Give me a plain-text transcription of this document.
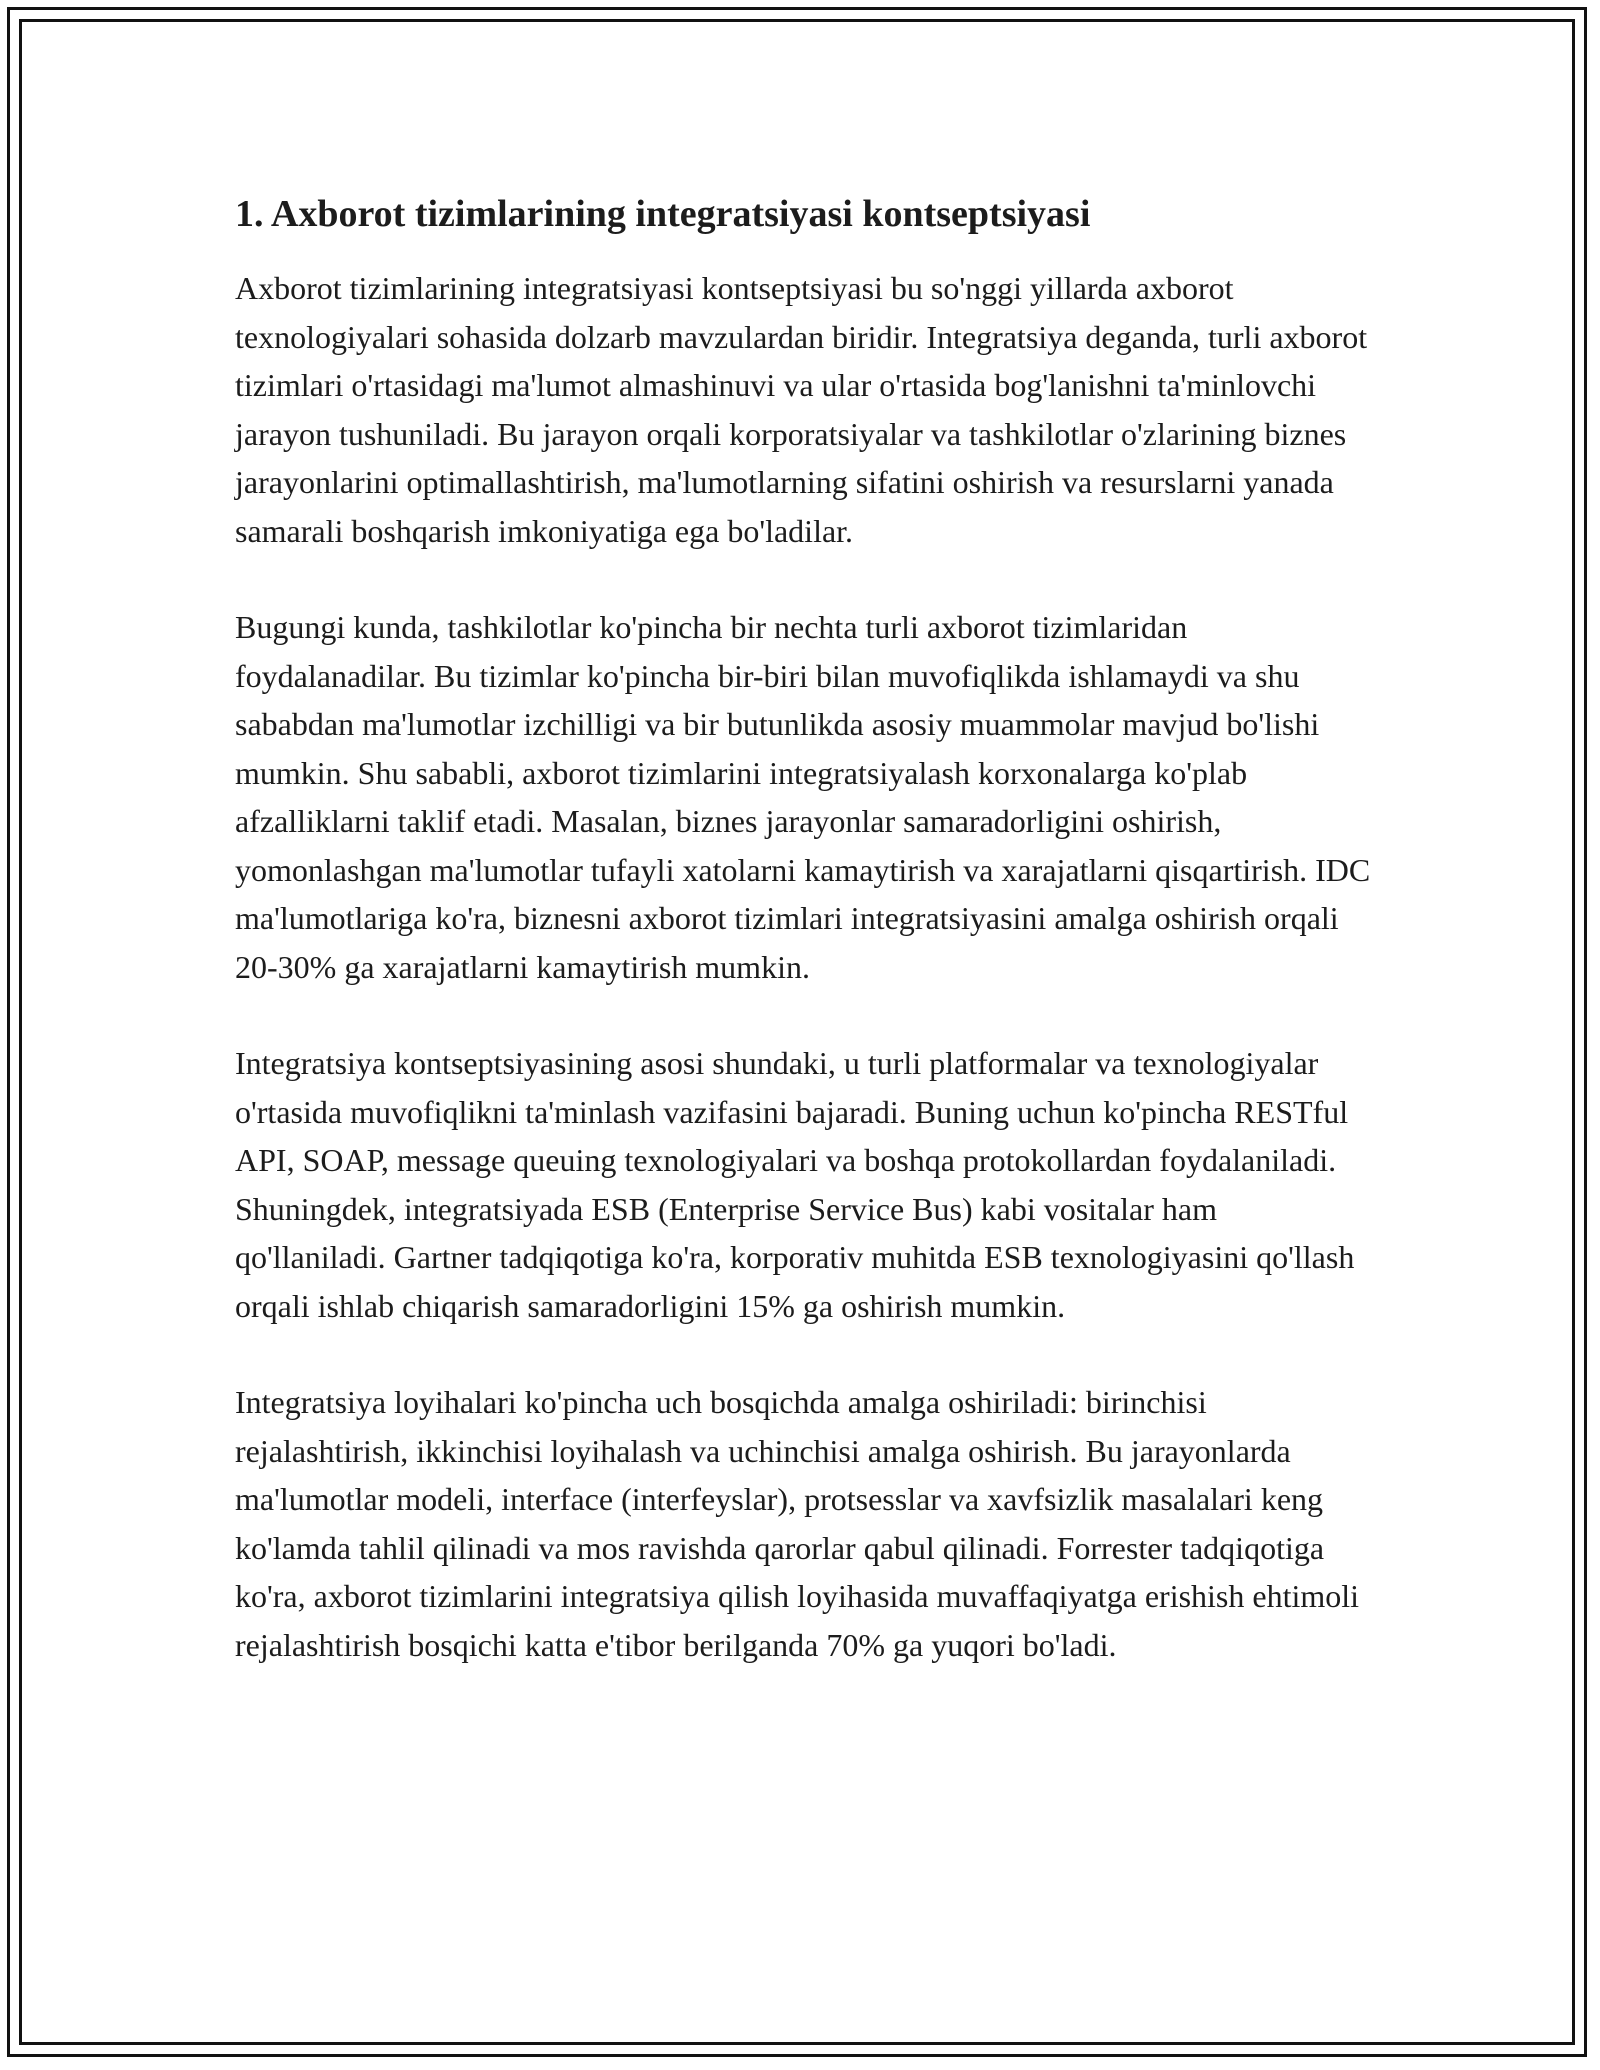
1. Axborot tizimlarining integratsiyasi kontseptsiyasi

Axborot tizimlarining integratsiyasi kontseptsiyasi bu so'nggi yillarda axborot texnologiyalari sohasida dolzarb mavzulardan biridir. Integratsiya deganda, turli axborot tizimlari o'rtasidagi ma'lumot almashinuvi va ular o'rtasida bog'lanishni ta'minlovchi jarayon tushuniladi. Bu jarayon orqali korporatsiyalar va tashkilotlar o'zlarining biznes jarayonlarini optimallashtirish, ma'lumotlarning sifatini oshirish va resurslarni yanada samarali boshqarish imkoniyatiga ega bo'ladilar.

Bugungi kunda, tashkilotlar ko'pincha bir nechta turli axborot tizimlaridan foydalanadilar. Bu tizimlar ko'pincha bir-biri bilan muvofiqlikda ishlamaydi va shu sababdan ma'lumotlar izchilligi va bir butunlikda asosiy muammolar mavjud bo'lishi mumkin. Shu sababli, axborot tizimlarini integratsiyalash korxonalarga ko'plab afzalliklarni taklif etadi. Masalan, biznes jarayonlar samaradorligini oshirish, yomonlashgan ma'lumotlar tufayli xatolarni kamaytirish va xarajatlarni qisqartirish. IDC ma'lumotlariga ko'ra, biznesni axborot tizimlari integratsiyasini amalga oshirish orqali 20-30% ga xarajatlarni kamaytirish mumkin.

Integratsiya kontseptsiyasining asosi shundaki, u turli platformalar va texnologiyalar o'rtasida muvofiqlikni ta'minlash vazifasini bajaradi. Buning uchun ko'pincha RESTful API, SOAP, message queuing texnologiyalari va boshqa protokollardan foydalaniladi. Shuningdek, integratsiyada ESB (Enterprise Service Bus) kabi vositalar ham qo'llaniladi. Gartner tadqiqotiga ko'ra, korporativ muhitda ESB texnologiyasini qo'llash orqali ishlab chiqarish samaradorligini 15% ga oshirish mumkin.

Integratsiya loyihalari ko'pincha uch bosqichda amalga oshiriladi: birinchisi rejalashtirish, ikkinchisi loyihalash va uchinchisi amalga oshirish. Bu jarayonlarda ma'lumotlar modeli, interface (interfeyslar), protsesslar va xavfsizlik masalalari keng ko'lamda tahlil qilinadi va mos ravishda qarorlar qabul qilinadi. Forrester tadqiqotiga ko'ra, axborot tizimlarini integratsiya qilish loyihasida muvaffaqiyatga erishish ehtimoli rejalashtirish bosqichi katta e'tibor berilganda 70% ga yuqori bo'ladi.
